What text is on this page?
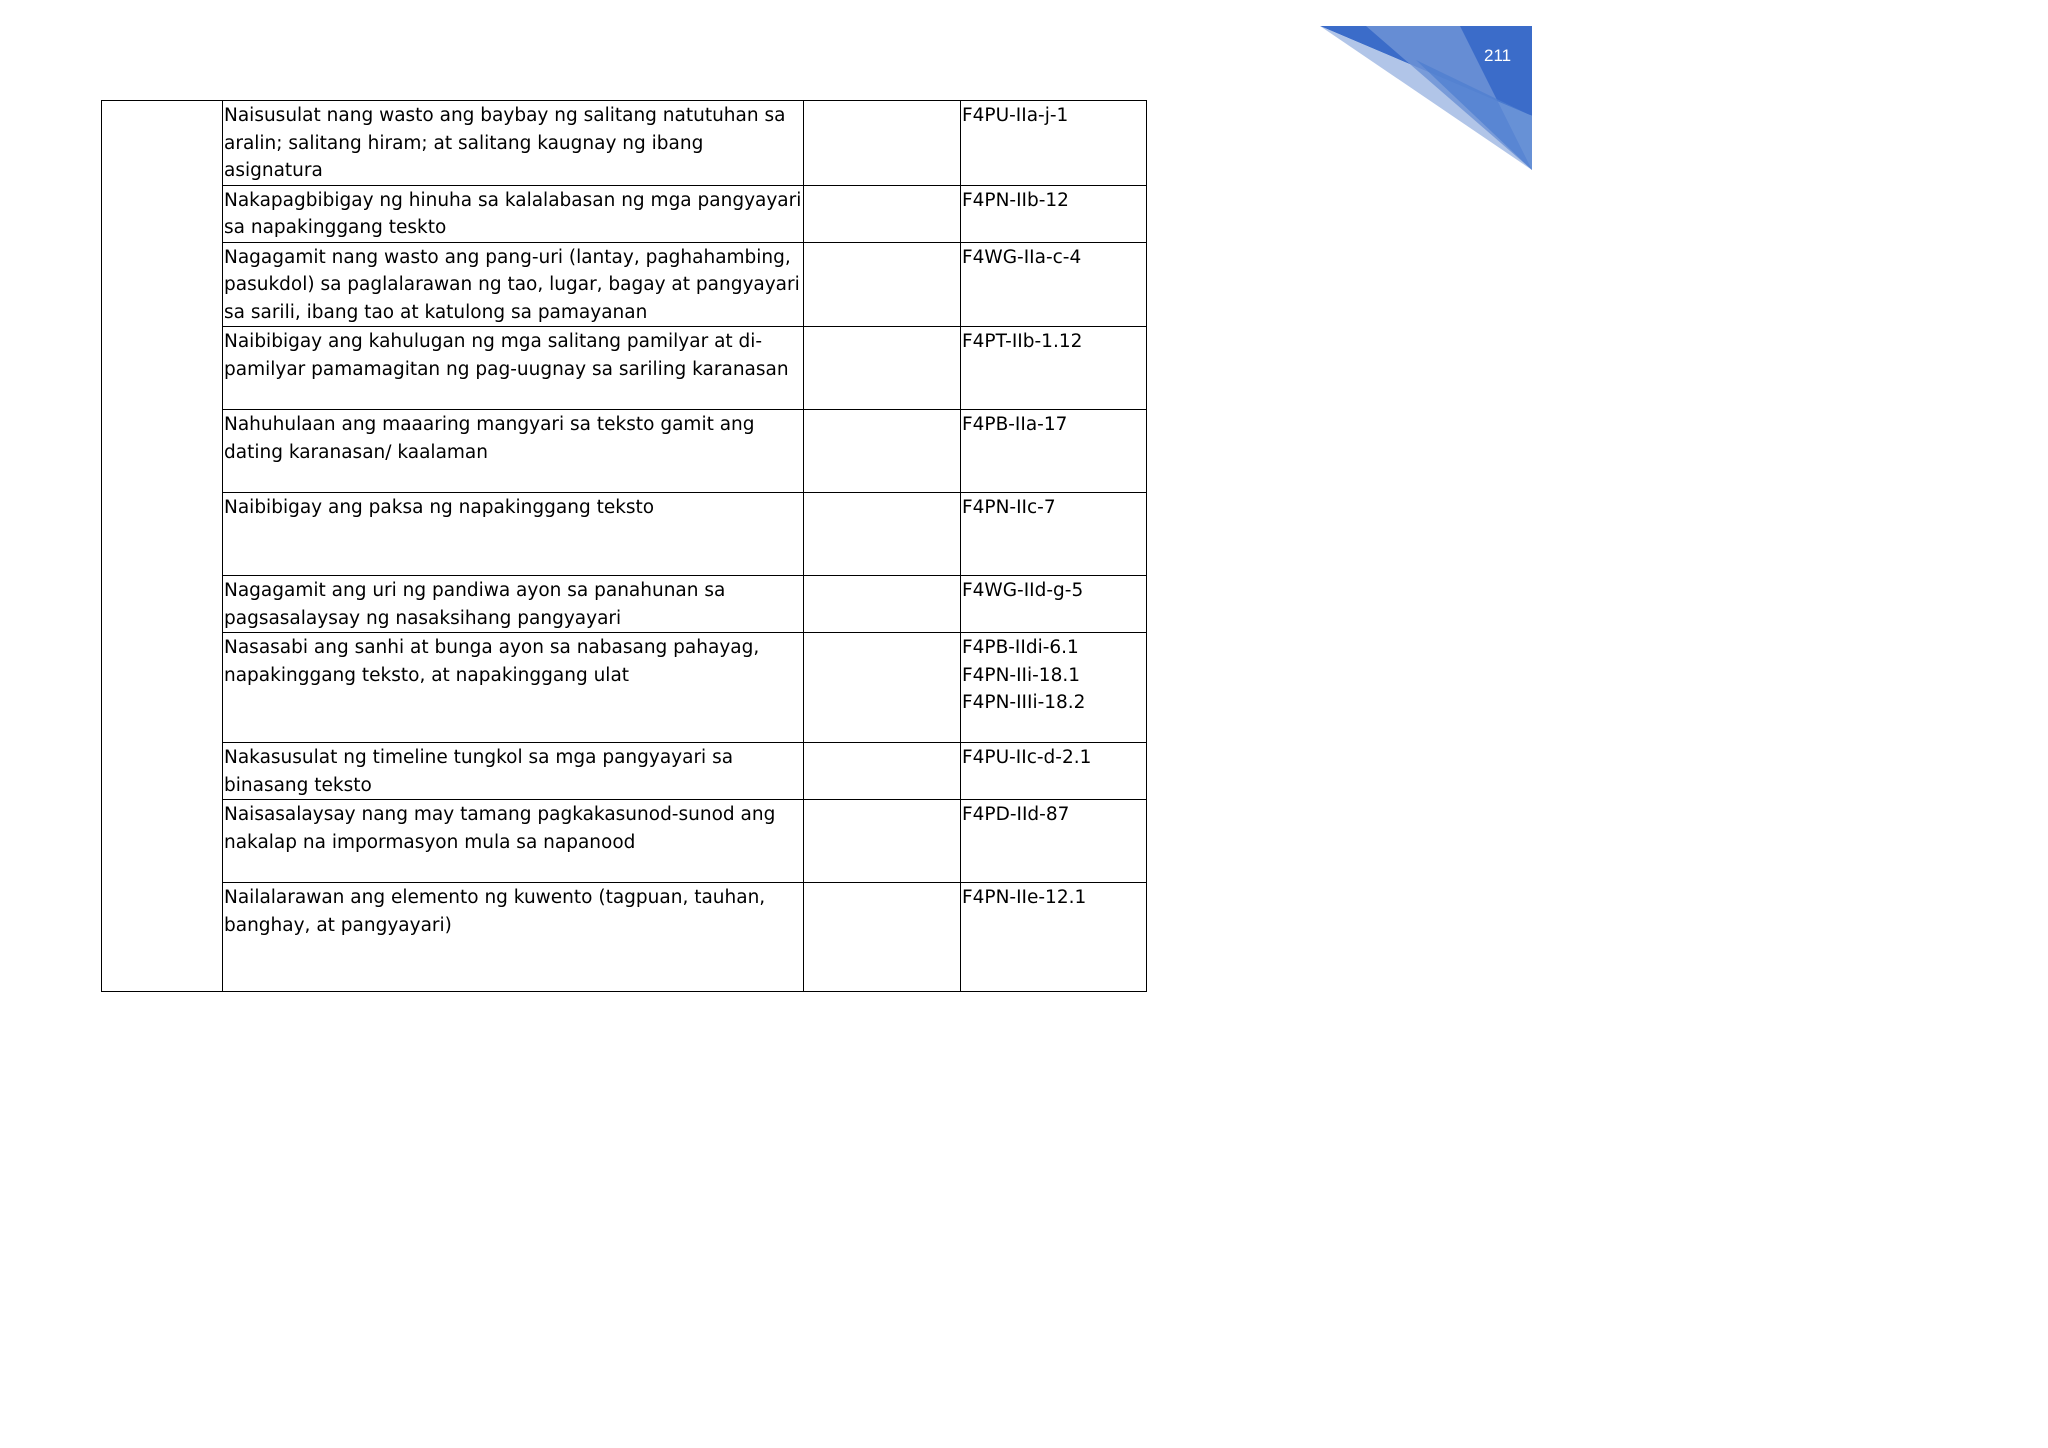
211
	Naisusulat nang wasto ang baybay ng salitang natutuhan sa aralin; salitang hiram; at salitang kaugnay ng ibang asignatura		F4PU-IIa-j-1

	Nakapagbibigay ng hinuha sa kalalabasan ng mga pangyayari sa napakinggang teskto		F4PN-IIb-12

	Nagagamit nang wasto ang pang-uri (lantay, paghahambing, pasukdol) sa paglalarawan ng tao, lugar, bagay at pangyayari sa sarili, ibang tao at katulong sa pamayanan		F4WG-IIa-c-4

	Naibibigay ang kahulugan ng mga salitang pamilyar at di-pamilyar pamamagitan ng pag-uugnay sa sariling karanasan		F4PT-IIb-1.12

	Nahuhulaan ang maaaring mangyari sa teksto gamit ang dating karanasan/ kaalaman		F4PB-IIa-17

	Naibibigay ang paksa ng napakinggang teksto		F4PN-IIc-7

	Nagagamit ang uri ng pandiwa ayon sa panahunan sa pagsasalaysay ng nasaksihang pangyayari		F4WG-IId-g-5

	Nasasabi ang sanhi at bunga ayon sa nabasang pahayag, napakinggang teksto, at napakinggang ulat		F4PB-IIdi-6.1
F4PN-IIi-18.1
F4PN-IIIi-18.2

	Nakasusulat ng timeline tungkol sa mga pangyayari sa binasang teksto		F4PU-IIc-d-2.1

	Naisasalaysay nang may tamang pagkakasunod-sunod ang nakalap na impormasyon mula sa napanood		F4PD-IId-87

	Nailalarawan ang elemento ng kuwento (tagpuan, tauhan, banghay, at pangyayari)		F4PN-IIe-12.1
